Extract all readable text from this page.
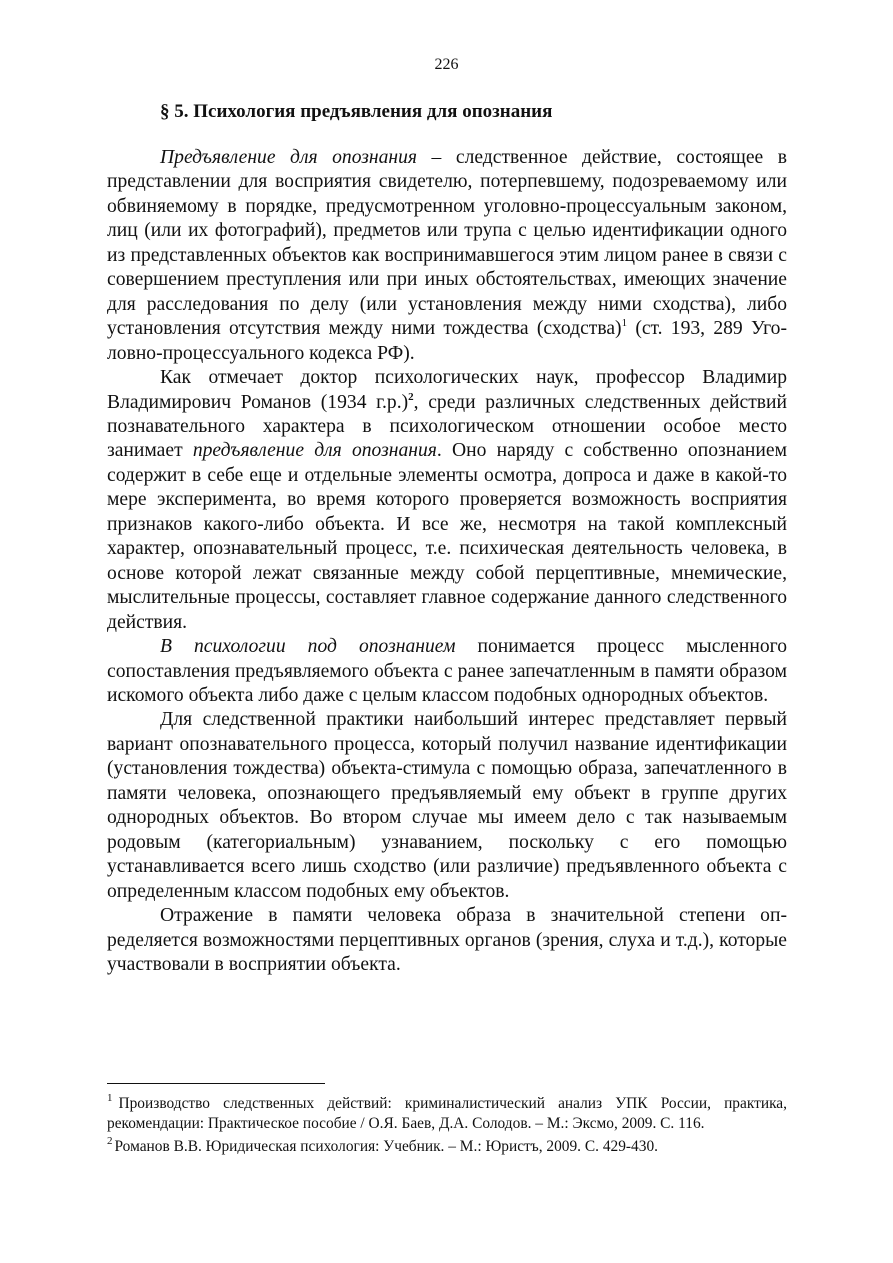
226
§ 5. Психология предъявления для опознания

Предъявление для опознания – следственное действие, состоящее в представлении для восприятия свидетелю, потерпевшему, подозреваемому или обвиняемому в порядке, предусмотренном уголовно-процессуальным законом, лиц (или их фотографий), предметов или трупа с целью идентификации одного из представленных объектов как воспринимавшегося этим лицом ранее в связи с совершением преступления или при иных обстоятельствах, имеющих значение для расследования по делу (или установления между ними сходства), либо установления отсутствия между ними тождества (сходства)$^1$ (ст. 193, 289 Уголовно-процессуального кодекса РФ).

Как отмечает доктор психологических наук, профессор Владимир Владимирович Романов (1934 г.р.)$^2$, среди различных следственных действий познавательного характера в психологическом отношении особое место занимает предъявление для опознания. Оно наряду с собственно опознанием содержит в себе еще и отдельные элементы осмотра, допроса и даже в какой-то мере эксперимента, во время которого проверяется возможность восприятия признаков какого-либо объекта. И все же, несмотря на такой комплексный характер, опознавательный процесс, т.е. психическая деятельность человека, в основе которой лежат связанные между собой перцептивные, мнемические, мыслительные процессы, составляет главное содержание данного следственного действия.

В психологии под опознанием понимается процесс мысленного сопоставления предъявляемого объекта с ранее запечатленным в памяти образом искомого объекта либо даже с целым классом подобных однородных объектов.

Для следственной практики наибольший интерес представляет первый вариант опознавательного процесса, который получил название идентификации (установления тождества) объекта-стимула с помощью образа, запечатленного в памяти человека, опознающего предъявляемый ему объект в группе других однородных объектов. Во втором случае мы имеем дело с так называемым родовым (категориальным) узнаванием, поскольку с его помощью устанавливается всего лишь сходство (или различие) предъявленного объекта с определенным классом подобных ему объектов.

Отражение в памяти человека образа в значительной степени определяется возможностями перцептивных органов (зрения, слуха и т.д.), которые участвовали в восприятии объекта.

$^1$ Производство следственных действий: криминалистический анализ УПК России, практика, рекомендации: Практическое пособие / О.Я. Баев, Д.А. Солодов. – М.: Эксмо, 2009. С. 116.

$^2$ Романов В.В. Юридическая психология: Учебник. – М.: Юристъ, 2009. С. 429-430.
